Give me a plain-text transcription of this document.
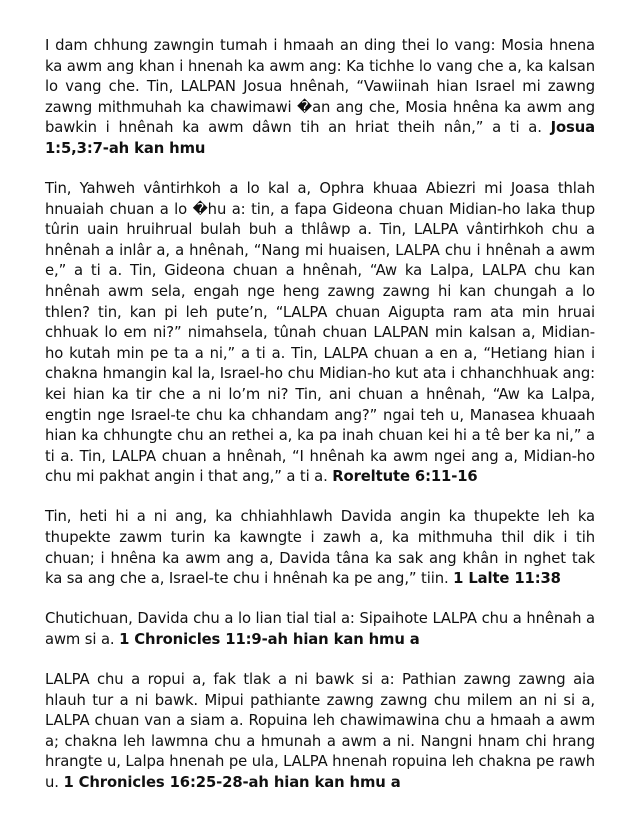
I dam chhung zawngin tumah i hmaah an ding thei lo vang: Mosia hnena ka awm ang khan i hnenah ka awm ang: Ka tichhe lo vang che a, ka kalsan lo vang che. Tin, LALPAN Josua hnênah, “Vawiinah hian Israel mi zawng zawng mithmuhah ka chawimawi �an ang che, Mosia hnêna ka awm ang bawkin i hnênah ka awm dâwn tih an hriat theih nân,” a ti a. Josua 1:5,3:7-ah kan hmu

Tin, Yahweh vântirhkoh a lo kal a, Ophra khuaa Abiezri mi Joasa thlah hnuaiah chuan a lo �hu a: tin, a fapa Gideona chuan Midian-ho laka thup tûrin uain hruihrual bulah buh a thlâwp a. Tin, LALPA vântirhkoh chu a hnênah a inlâr a, a hnênah, “Nang mi huaisen, LALPA chu i hnênah a awm e,” a ti a. Tin, Gideona chuan a hnênah, “Aw ka Lalpa, LALPA chu kan hnênah awm sela, engah nge heng zawng zawng hi kan chungah a lo thlen? tin, kan pi leh pute’n, “LALPA chuan Aigupta ram ata min hruai chhuak lo em ni?” nimahsela, tûnah chuan LALPAN min kalsan a, Midian-ho kutah min pe ta a ni,” a ti a. Tin, LALPA chuan a en a, “Hetiang hian i chakna hmangin kal la, Israel-ho chu Midian-ho kut ata i chhanchhuak ang: kei hian ka tir che a ni lo’m ni? Tin, ani chuan a hnênah, “Aw ka Lalpa, engtin nge Israel-te chu ka chhandam ang?” ngai teh u, Manasea khuaah hian ka chhungte chu an rethei a, ka pa inah chuan kei hi a tê ber ka ni,” a ti a. Tin, LALPA chuan a hnênah, “I hnênah ka awm ngei ang a, Midian-ho chu mi pakhat angin i that ang,” a ti a. Roreltute 6:11-16

Tin, heti hi a ni ang, ka chhiahhlawh Davida angin ka thupekte leh ka thupekte zawm turin ka kawngte i zawh a, ka mithmuha thil dik i tih chuan; i hnêna ka awm ang a, Davida tâna ka sak ang khân in nghet tak ka sa ang che a, Israel-te chu i hnênah ka pe ang,” tiin. 1 Lalte 11:38

Chutichuan, Davida chu a lo lian tial tial a: Sipaihote LALPA chu a hnênah a awm si a. 1 Chronicles 11:9-ah hian kan hmu a

LALPA chu a ropui a, fak tlak a ni bawk si a: Pathian zawng zawng aia hlauh tur a ni bawk. Mipui pathiante zawng zawng chu milem an ni si a, LALPA chuan van a siam a. Ropuina leh chawimawina chu a hmaah a awm a; chakna leh lawmna chu a hmunah a awm a ni. Nangni hnam chi hrang hrangte u, Lalpa hnenah pe ula, LALPA hnenah ropuina leh chakna pe rawh u. 1 Chronicles 16:25-28-ah hian kan hmu a
